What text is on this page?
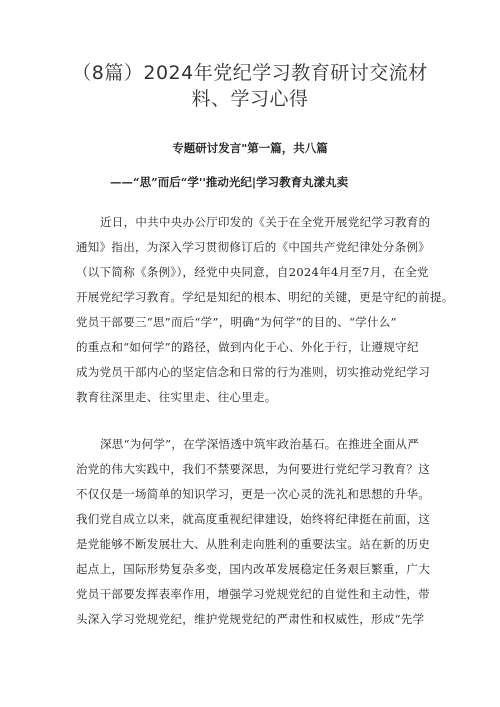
（8篇）2024年党纪学习教育研讨交流材
料、学习心得
专题研讨发言"第一篇，共八篇
——“思”而后“学''推动光纪|学习教育丸漾丸卖
近日，中共中央办公厅印发的《关于在全党开展党纪学习教育的
通知》指出，为深入学习贯彻修订后的《中国共产党纪律处分条例》
（以下简称《条例》），经党中央同意，自2024年4月至7月，在全党
开展党纪学习教育。学纪是知纪的根本、明纪的关键，更是守纪的前提。
党员干部要三“思”而后“学”，明确“为何学”的目的、“学什么”
的重点和“如何学”的路径，做到内化于心、外化于行，让遵规守纪
成为党员干部内心的坚定信念和日常的行为准则，切实推动党纪学习
教育往深里走、往实里走、往心里走。
深思“为何学”，在学深悟透中筑牢政治基石。在推进全面从严
治党的伟大实践中，我们不禁要深思，为何要进行党纪学习教育？这
不仅仅是一场简单的知识学习，更是一次心灵的洗礼和思想的升华。
我们党自成立以来，就高度重视纪律建设，始终将纪律挺在前面，这
是党能够不断发展壮大、从胜利走向胜利的重要法宝。站在新的历史
起点上，国际形势复杂多变，国内改革发展稳定任务艰巨繁重，广大
党员干部要发挥表率作用，增强学习党规党纪的自觉性和主动性，带
头深入学习党规党纪，维护党规党纪的严肃性和权威性，形成“先学
